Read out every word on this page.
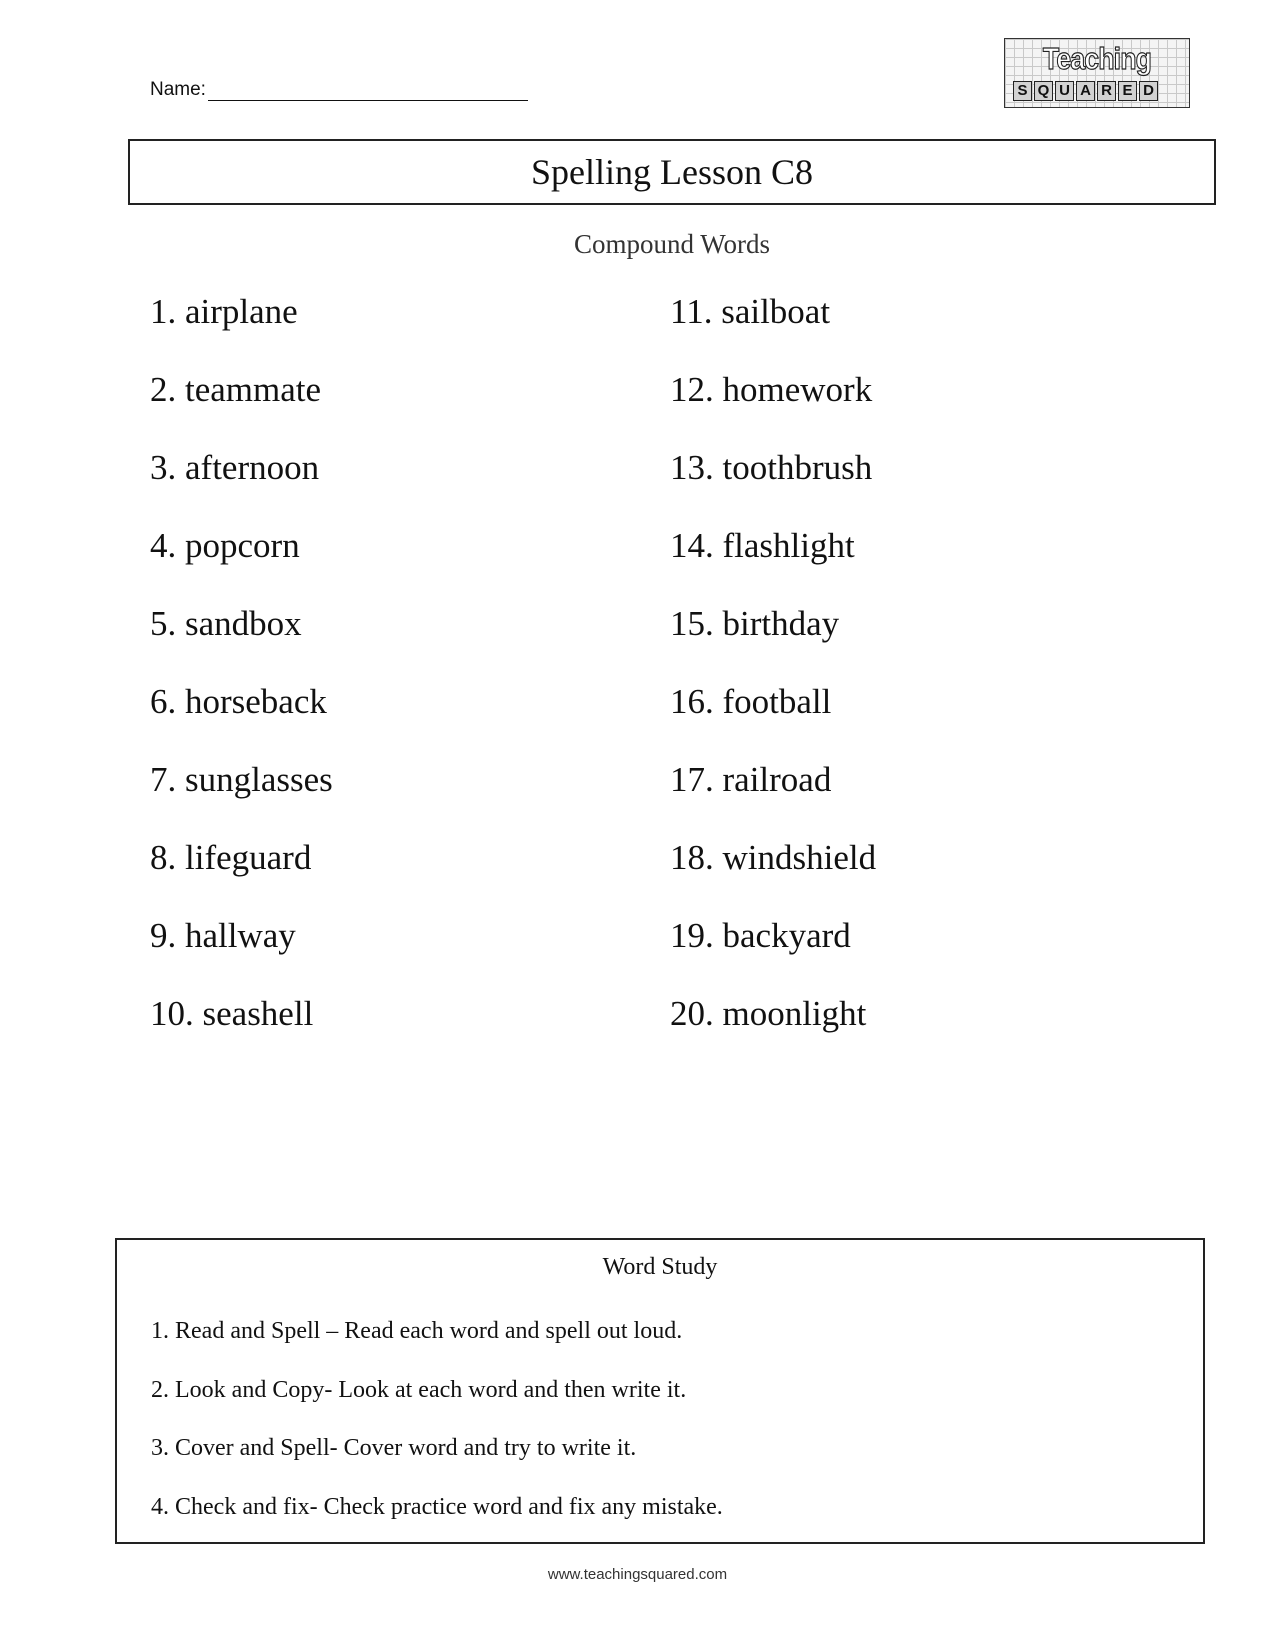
Name:
Teaching
S Q U A R E D
Spelling Lesson C8
Compound Words
1. airplane
2. teammate
3. afternoon
4. popcorn
5. sandbox
6. horseback
7. sunglasses
8. lifeguard
9. hallway
10. seashell
11. sailboat
12. homework
13. toothbrush
14. flashlight
15. birthday
16. football
17. railroad
18. windshield
19. backyard
20. moonlight
Word Study
1. Read and Spell – Read each word and spell out loud.
2. Look and Copy- Look at each word and then write it.
3. Cover and Spell- Cover word and try to write it.
4. Check and fix- Check practice word and fix any mistake.
www.teachingsquared.com
